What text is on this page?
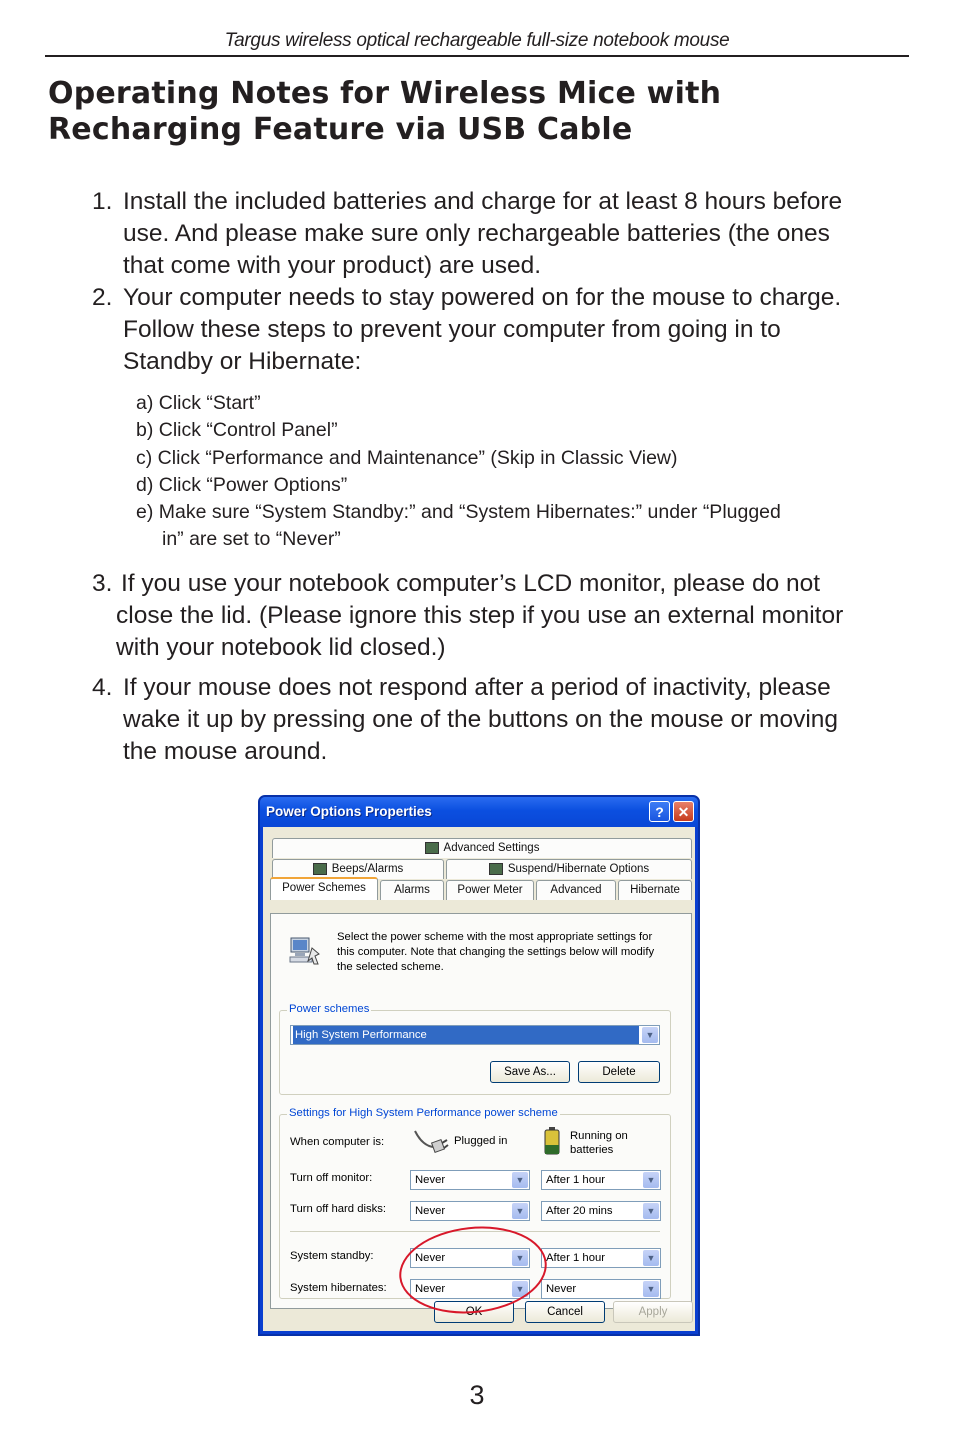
Targus wireless optical rechargeable full-size notebook mouse
Operating Notes for Wireless Mice with
Recharging Feature via USB Cable
1. Install the included batteries and charge for at least 8 hours before
use. And please make sure only rechargeable batteries (the ones
that come with your product) are used.
2. Your computer needs to stay powered on for the mouse to charge.
Follow these steps to prevent your computer from going in to
Standby or Hibernate:
a) Click “Start”
b) Click “Control Panel”
c) Click “Performance and Maintenance” (Skip in Classic View)
d) Click “Power Options”
e) Make sure “System Standby:” and “System Hibernates:” under “Plugged
in” are set to “Never”
3. If you use your notebook computer’s LCD monitor, please do not
close the lid. (Please ignore this step if you use an external monitor
with your notebook lid closed.)
4. If your mouse does not respond after a period of inactivity, please
wake it up by pressing one of the buttons on the mouse or moving
the mouse around.
Power Options Properties	? ✕
Advanced Settings
Beeps/Alarms	Suspend/Hibernate Options
Power Schemes	Alarms	Power Meter	Advanced	Hibernate
Select the power scheme with the most appropriate settings for
this computer. Note that changing the settings below will modify
the selected scheme.
Power schemes
High System Performance	▼
Save As...	Delete
Settings for High System Performance power scheme
When computer is:	Plugged in	Running on
batteries
Turn off monitor:	Never	▼	After 1 hour	▼
Turn off hard disks:	Never	▼	After 20 mins	▼
System standby:	Never	▼	After 1 hour	▼
System hibernates:	Never	▼	Never	▼
OK	Cancel	Apply
3
